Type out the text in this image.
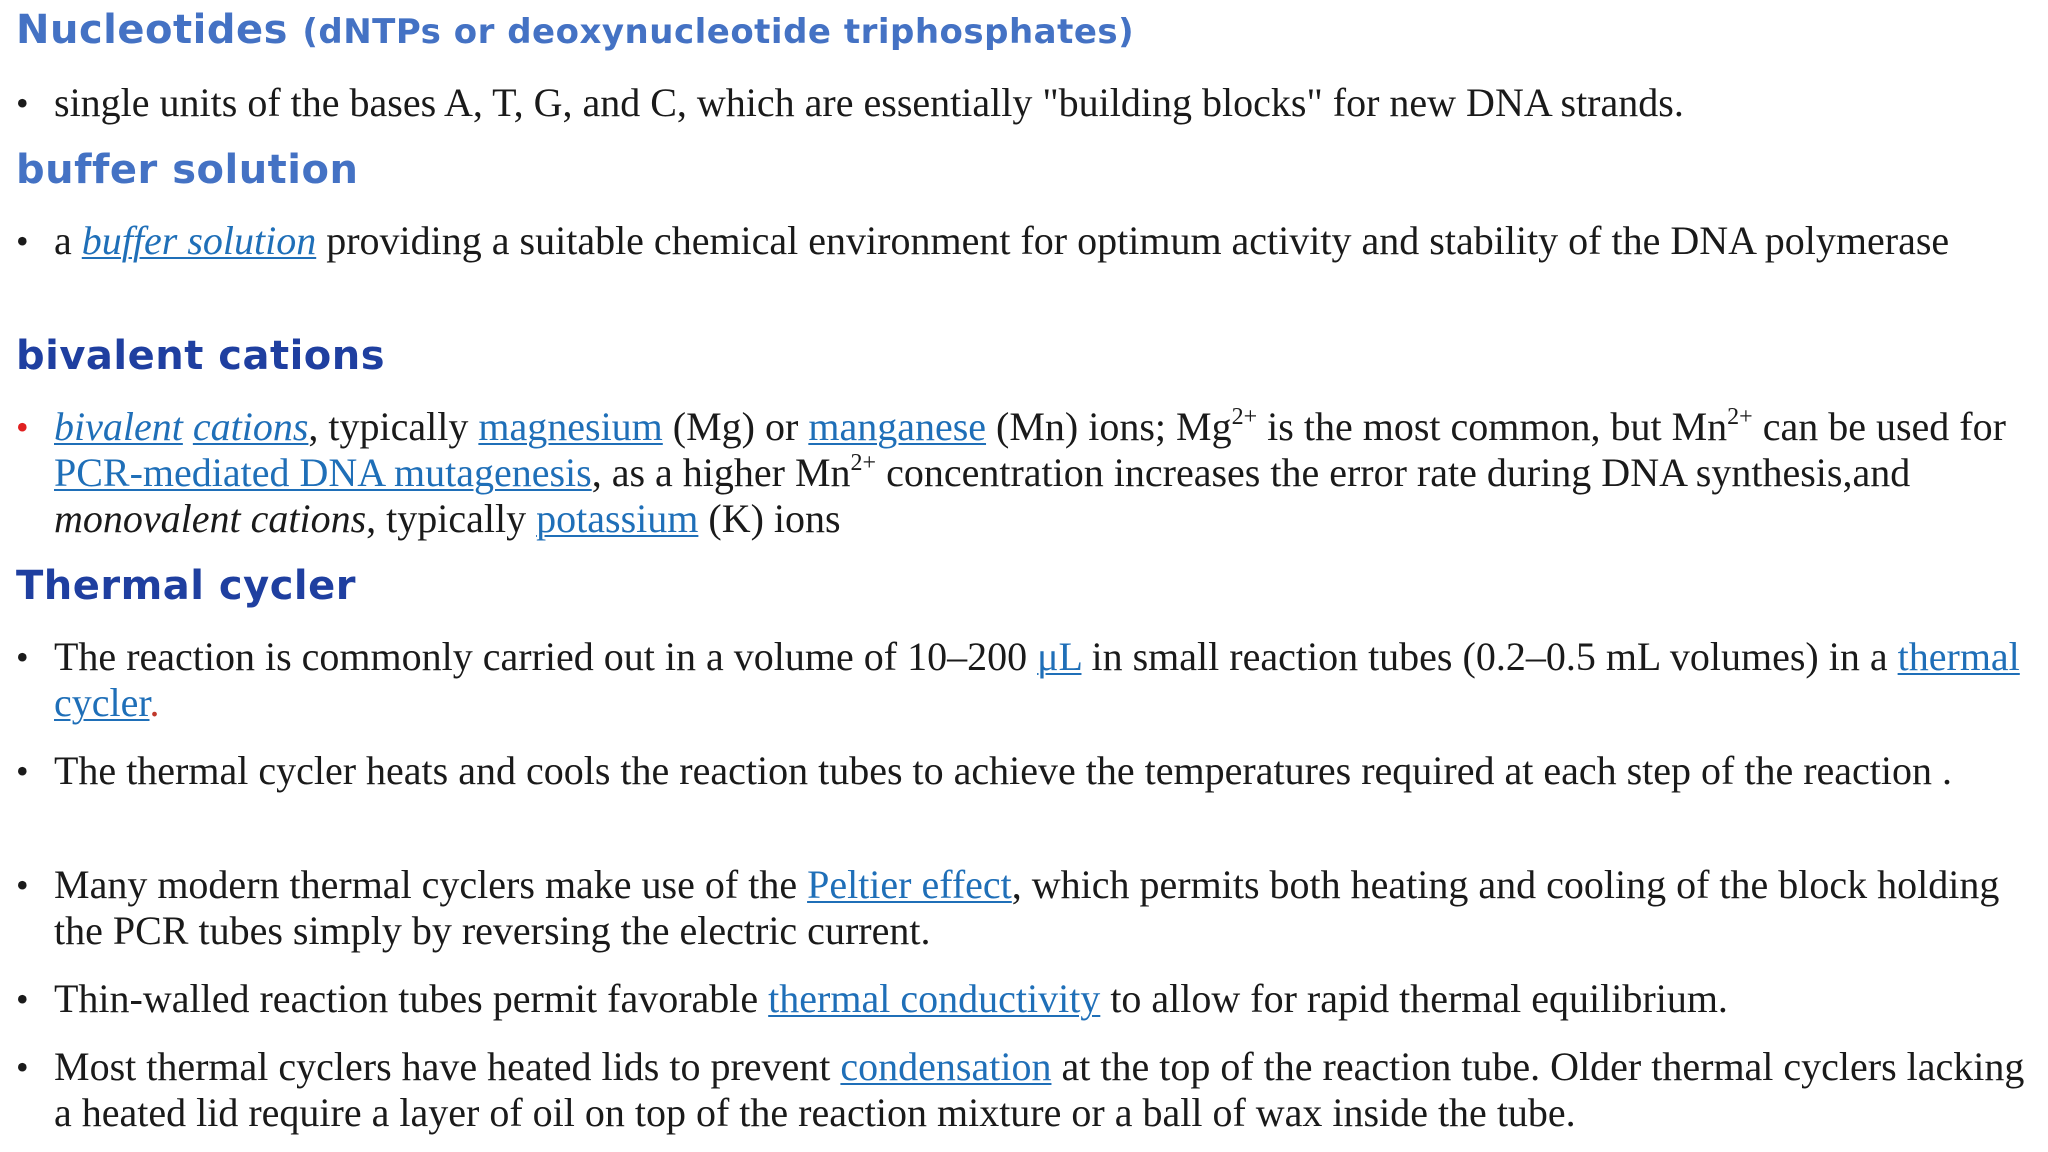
Nucleotides (dNTPs or deoxynucleotide triphosphates)
• single units of the bases A, T, G, and C, which are essentially "building blocks" for new DNA strands.
buffer solution
• a buffer solution providing a suitable chemical environment for optimum activity and stability of the DNA polymerase
bivalent cations
• bivalent cations, typically magnesium (Mg) or manganese (Mn) ions; $Mg^{2+}$ is the most common, but $Mn^{2+}$ can be used for PCR-mediated DNA mutagenesis, as a higher $Mn^{2+}$ concentration increases the error rate during DNA synthesis,and monovalent cations, typically potassium (K) ions
Thermal cycler
• The reaction is commonly carried out in a volume of 10–200 μL in small reaction tubes (0.2–0.5 mL volumes) in a thermal cycler.
• The thermal cycler heats and cools the reaction tubes to achieve the temperatures required at each step of the reaction .
• Many modern thermal cyclers make use of the Peltier effect, which permits both heating and cooling of the block holding the PCR tubes simply by reversing the electric current.
• Thin-walled reaction tubes permit favorable thermal conductivity to allow for rapid thermal equilibrium.
• Most thermal cyclers have heated lids to prevent condensation at the top of the reaction tube. Older thermal cyclers lacking a heated lid require a layer of oil on top of the reaction mixture or a ball of wax inside the tube.
